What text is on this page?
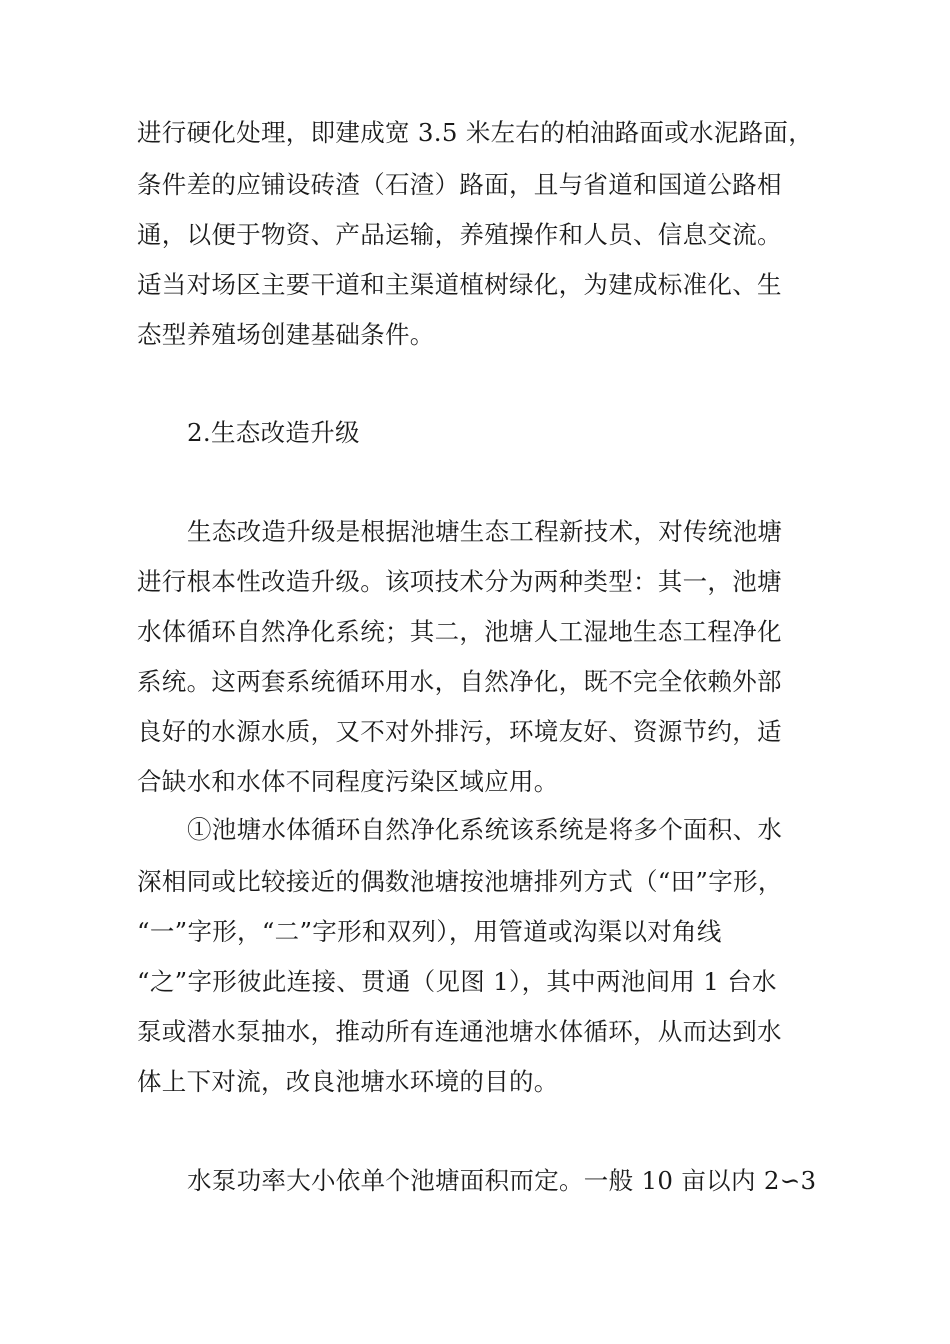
进行硬化处理，即建成宽 3.5 米左右的柏油路面或水泥路面，
条件差的应铺设砖渣（石渣）路面，且与省道和国道公路相
通，以便于物资、产品运输，养殖操作和人员、信息交流。
适当对场区主要干道和主渠道植树绿化，为建成标准化、生
态型养殖场创建基础条件。
2.生态改造升级
生态改造升级是根据池塘生态工程新技术，对传统池塘
进行根本性改造升级。该项技术分为两种类型：其一，池塘
水体循环自然净化系统；其二，池塘人工湿地生态工程净化
系统。这两套系统循环用水，自然净化，既不完全依赖外部
良好的水源水质，又不对外排污，环境友好、资源节约，适
合缺水和水体不同程度污染区域应用。
①池塘水体循环自然净化系统该系统是将多个面积、水
深相同或比较接近的偶数池塘按池塘排列方式（“田”字形，
“一”字形，“二”字形和双列），用管道或沟渠以对角线
“之”字形彼此连接、贯通（见图 1），其中两池间用 1 台水
泵或潜水泵抽水，推动所有连通池塘水体循环，从而达到水
体上下对流，改良池塘水环境的目的。
水泵功率大小依单个池塘面积而定。一般 10 亩以内 2∽3
